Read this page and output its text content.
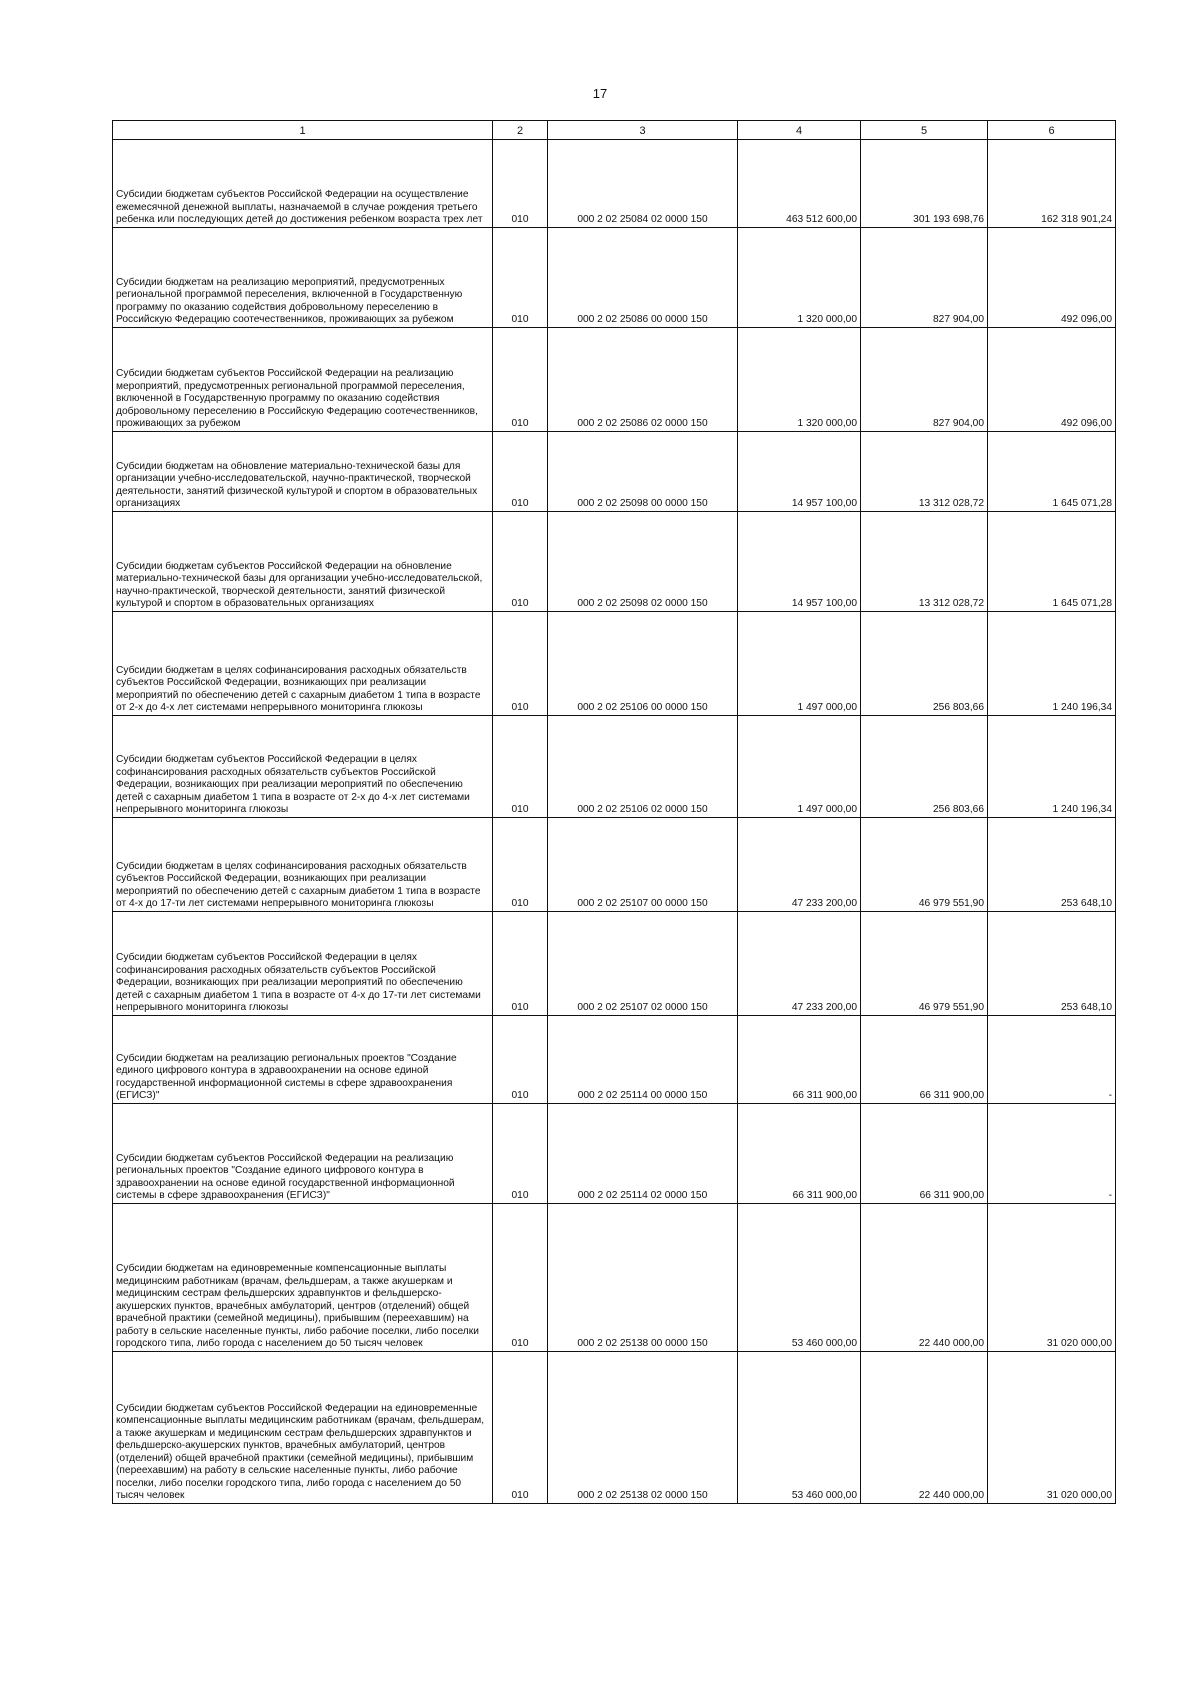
17
1	2	3	4	5	6
Субсидии бюджетам субъектов Российской Федерации на осуществление ежемесячной денежной выплаты, назначаемой в случае рождения третьего ребенка или последующих детей до достижения ребенком возраста трех лет	010	000 2 02 25084 02 0000 150	463 512 600,00	301 193 698,76	162 318 901,24
Субсидии бюджетам на реализацию мероприятий, предусмотренных региональной программой переселения, включенной в Государственную программу по оказанию содействия добровольному переселению в Российскую Федерацию соотечественников, проживающих за рубежом	010	000 2 02 25086 00 0000 150	1 320 000,00	827 904,00	492 096,00
Субсидии бюджетам субъектов Российской Федерации на реализацию мероприятий, предусмотренных региональной программой переселения, включенной в Государственную программу по оказанию содействия добровольному переселению в Российскую Федерацию соотечественников, проживающих за рубежом	010	000 2 02 25086 02 0000 150	1 320 000,00	827 904,00	492 096,00
Субсидии бюджетам на обновление материально-технической базы для организации учебно-исследовательской, научно-практической, творческой деятельности, занятий физической культурой и спортом в образовательных организациях	010	000 2 02 25098 00 0000 150	14 957 100,00	13 312 028,72	1 645 071,28
Субсидии бюджетам субъектов Российской Федерации на обновление материально-технической базы для организации учебно-исследовательской, научно-практической, творческой деятельности, занятий физической культурой и спортом в образовательных организациях	010	000 2 02 25098 02 0000 150	14 957 100,00	13 312 028,72	1 645 071,28
Субсидии бюджетам в целях софинансирования расходных обязательств субъектов Российской Федерации, возникающих при реализации мероприятий по обеспечению детей с сахарным диабетом 1 типа в возрасте от 2-х до 4-х лет системами непрерывного мониторинга глюкозы	010	000 2 02 25106 00 0000 150	1 497 000,00	256 803,66	1 240 196,34
Субсидии бюджетам субъектов Российской Федерации в целях софинансирования расходных обязательств субъектов Российской Федерации, возникающих при реализации мероприятий по обеспечению детей с сахарным диабетом 1 типа в возрасте от 2-х до 4-х лет системами непрерывного мониторинга глюкозы	010	000 2 02 25106 02 0000 150	1 497 000,00	256 803,66	1 240 196,34
Субсидии бюджетам в целях софинансирования расходных обязательств субъектов Российской Федерации, возникающих при реализации мероприятий по обеспечению детей с сахарным диабетом 1 типа в возрасте от 4-х до 17-ти лет системами непрерывного мониторинга глюкозы	010	000 2 02 25107 00 0000 150	47 233 200,00	46 979 551,90	253 648,10
Субсидии бюджетам субъектов Российской Федерации в целях софинансирования расходных обязательств субъектов Российской Федерации, возникающих при реализации мероприятий по обеспечению детей с сахарным диабетом 1 типа в возрасте от 4-х до 17-ти лет системами непрерывного мониторинга глюкозы	010	000 2 02 25107 02 0000 150	47 233 200,00	46 979 551,90	253 648,10
Субсидии бюджетам на реализацию региональных проектов "Создание единого цифрового контура в здравоохранении на основе единой государственной информационной системы в сфере здравоохранения (ЕГИСЗ)"	010	000 2 02 25114 00 0000 150	66 311 900,00	66 311 900,00	-
Субсидии бюджетам субъектов Российской Федерации на реализацию региональных проектов "Создание единого цифрового контура в здравоохранении на основе единой государственной информационной системы в сфере здравоохранения (ЕГИСЗ)"	010	000 2 02 25114 02 0000 150	66 311 900,00	66 311 900,00	-
Субсидии бюджетам на единовременные компенсационные выплаты медицинским работникам (врачам, фельдшерам, а также акушеркам и медицинским сестрам фельдшерских здравпунктов и фельдшерско-акушерских пунктов, врачебных амбулаторий, центров (отделений) общей врачебной практики (семейной медицины), прибывшим (переехавшим) на работу в сельские населенные пункты, либо рабочие поселки, либо поселки городского типа, либо города с населением до 50 тысяч человек	010	000 2 02 25138 00 0000 150	53 460 000,00	22 440 000,00	31 020 000,00
Субсидии бюджетам субъектов Российской Федерации на единовременные компенсационные выплаты медицинским работникам (врачам, фельдшерам, а также акушеркам и медицинским сестрам фельдшерских здравпунктов и фельдшерско-акушерских пунктов, врачебных амбулаторий, центров (отделений) общей врачебной практики (семейной медицины), прибывшим (переехавшим) на работу в сельские населенные пункты, либо рабочие поселки, либо поселки городского типа, либо города с населением до 50 тысяч человек	010	000 2 02 25138 02 0000 150	53 460 000,00	22 440 000,00	31 020 000,00
